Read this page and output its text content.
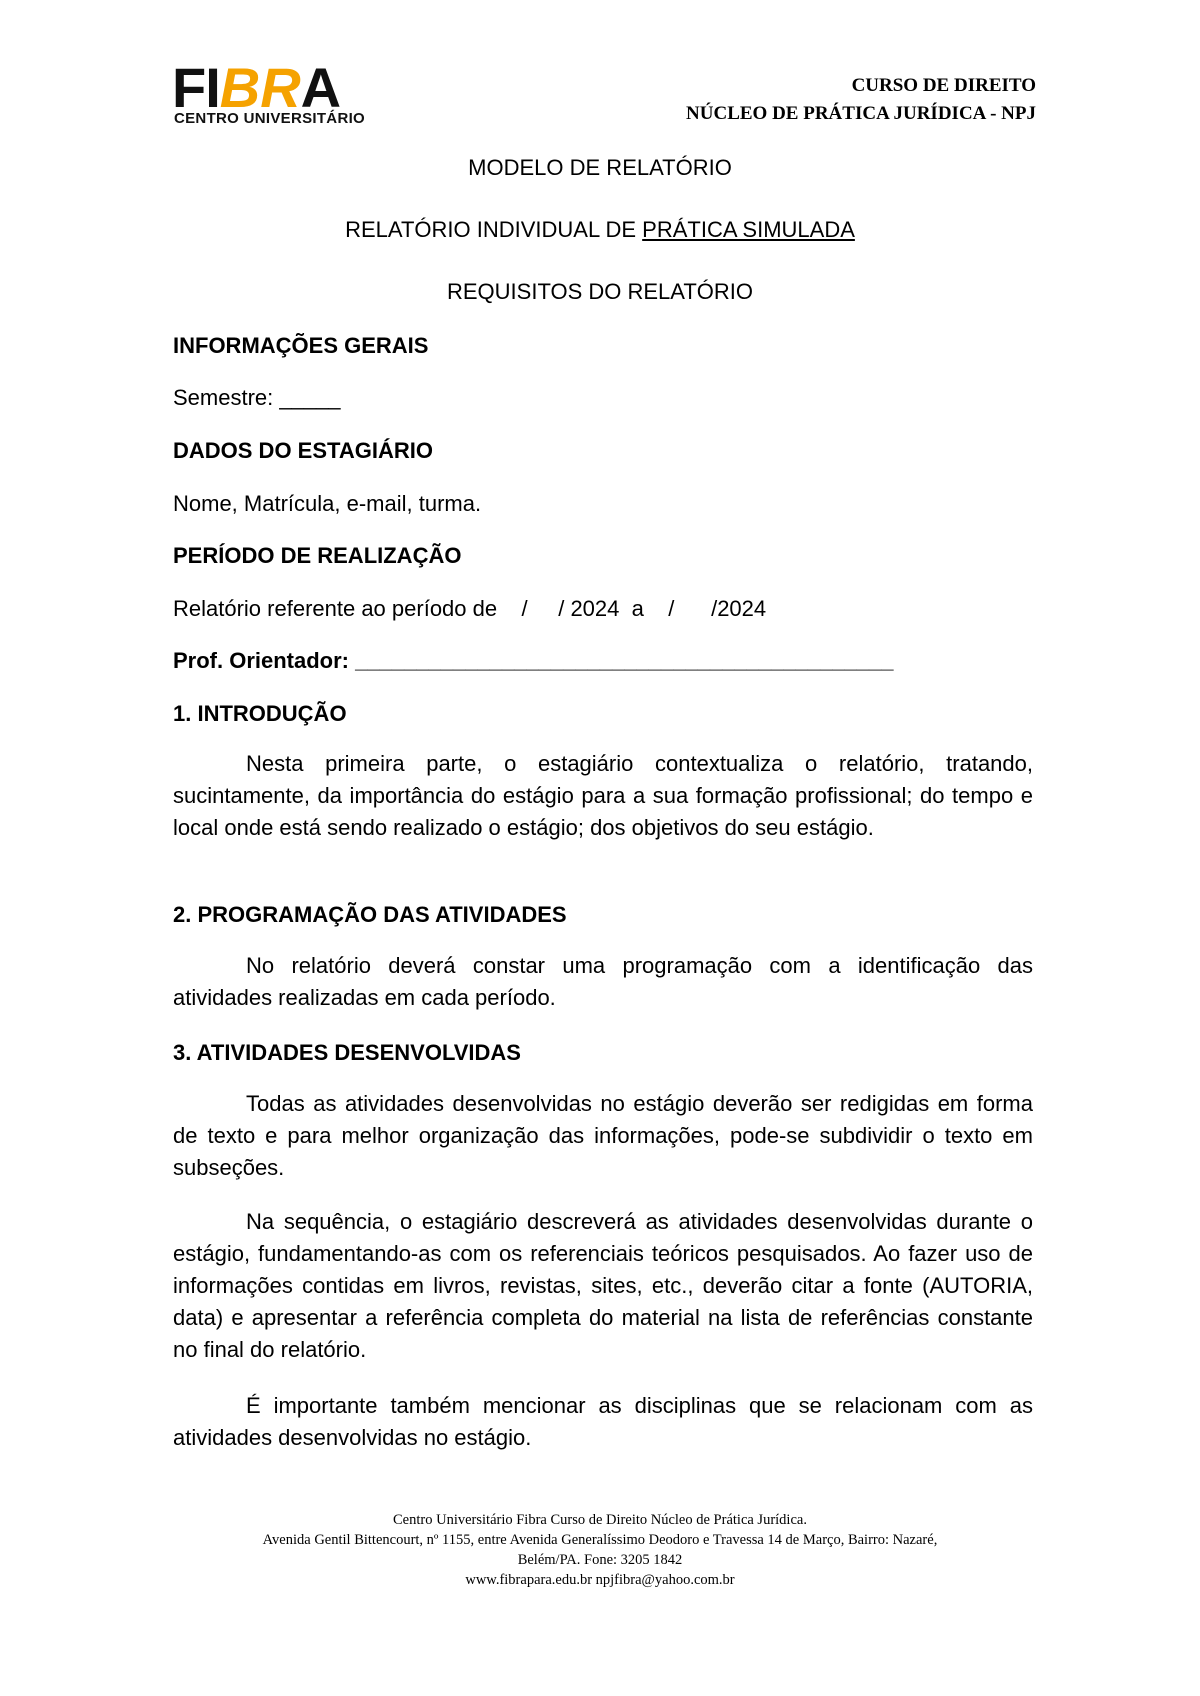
FIBRA
CENTRO UNIVERSITÁRIO
CURSO DE DIREITO
NÚCLEO DE PRÁTICA JURÍDICA - NPJ
MODELO DE RELATÓRIO
RELATÓRIO INDIVIDUAL DE PRÁTICA SIMULADA
REQUISITOS DO RELATÓRIO
INFORMAÇÕES GERAIS
Semestre: _____
DADOS DO ESTAGIÁRIO
Nome, Matrícula, e-mail, turma.
PERÍODO DE REALIZAÇÃO
Relatório referente ao período de    /     / 2024  a    /      /2024
Prof. Orientador: ____________________________________________
1. INTRODUÇÃO
Nesta primeira parte, o estagiário contextualiza o relatório, tratando, sucintamente, da importância do estágio para a sua formação profissional; do tempo e local onde está sendo realizado o estágio; dos objetivos do seu estágio.
2. PROGRAMAÇÃO DAS ATIVIDADES
No relatório deverá constar uma programação com a identificação das atividades realizadas em cada período.
3. ATIVIDADES DESENVOLVIDAS
Todas as atividades desenvolvidas no estágio deverão ser redigidas em forma de texto e para melhor organização das informações, pode-se subdividir o texto em subseções.
Na sequência, o estagiário descreverá as atividades desenvolvidas durante o estágio, fundamentando-as com os referenciais teóricos pesquisados. Ao fazer uso de informações contidas em livros, revistas, sites, etc., deverão citar a fonte (AUTORIA, data) e apresentar a referência completa do material na lista de referências constante no final do relatório.
É importante também mencionar as disciplinas que se relacionam com as atividades desenvolvidas no estágio.
Centro Universitário Fibra Curso de Direito Núcleo de Prática Jurídica.
Avenida Gentil Bittencourt, nº 1155, entre Avenida Generalíssimo Deodoro e Travessa 14 de Março, Bairro: Nazaré,
Belém/PA. Fone: 3205 1842
www.fibrapara.edu.br npjfibra@yahoo.com.br
